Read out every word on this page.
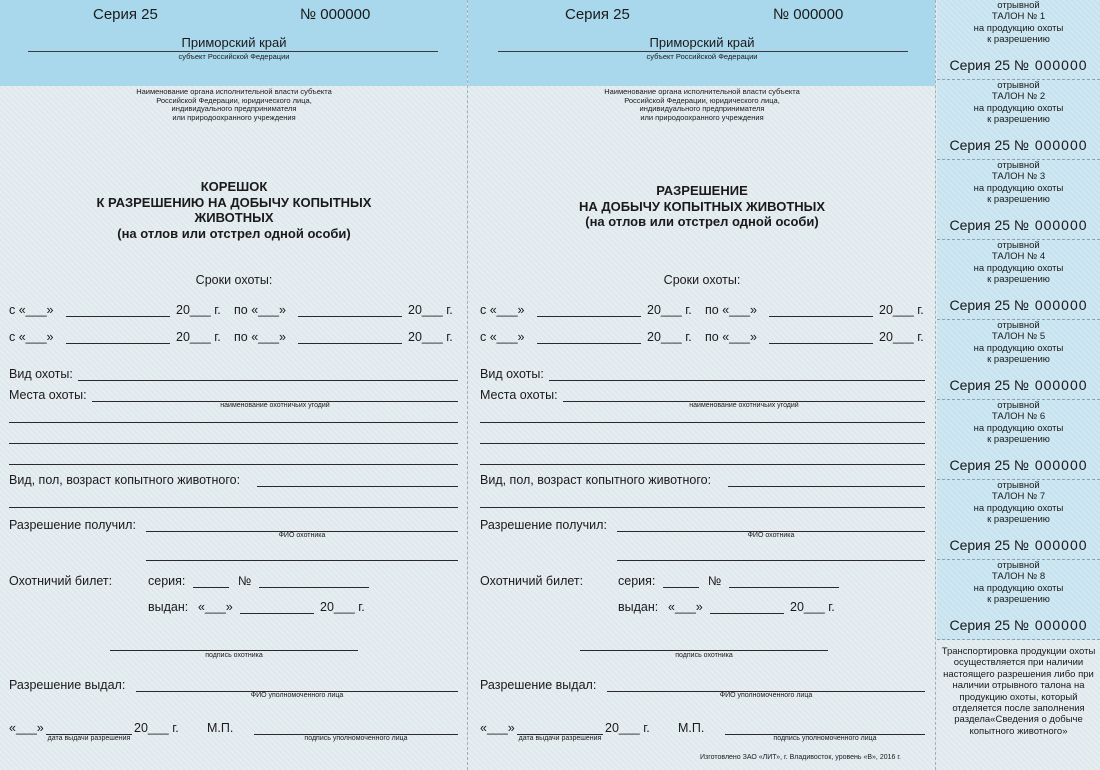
Серия 25	№ 000000
Приморский край
субъект Российской Федерации
Наименование органа исполнительной власти субъекта
Российской Федерации, юридического лица,
индивидуального предпринимателя
или природоохранного учреждения
КОРЕШОК
К РАЗРЕШЕНИЮ НА ДОБЫЧУ КОПЫТНЫХ
ЖИВОТНЫХ
(на отлов или отстрел одной особи)
Сроки охоты:
с «___»	20___ г. по «___»	20___ г.
с «___»	20___ г. по «___»	20___ г.
Вид охоты:
Места охоты:
наименование охотничьих угодий
Вид, пол, возраст копытного животного:
Разрешение получил:
ФИО охотника
Охотничий билет:	серия:	№
выдан: «___»	20___ г.
подпись охотника
Разрешение выдал:
ФИО уполномоченного лица
«___»
дата выдачи разрешения
20___ г. М.П.
подпись уполномоченного лица
Серия 25	№ 000000
Приморский край
субъект Российской Федерации
Наименование органа исполнительной власти субъекта
Российской Федерации, юридического лица,
индивидуального предпринимателя
или природоохранного учреждения
РАЗРЕШЕНИЕ
НА ДОБЫЧУ КОПЫТНЫХ ЖИВОТНЫХ
(на отлов или отстрел одной особи)
Сроки охоты:
с «___»	20___ г. по «___»	20___ г.
с «___»	20___ г. по «___»	20___ г.
Вид охоты:
Места охоты:
наименование охотничьих угодий
Вид, пол, возраст копытного животного:
Разрешение получил:
ФИО охотника
Охотничий билет:	серия:	№
выдан: «___»	20___ г.
подпись охотника
Разрешение выдал:
ФИО уполномоченного лица
«___»
дата выдачи разрешения
20___ г. М.П.
подпись уполномоченного лица
отрывной
ТАЛОН № 1
на продукцию охоты
к разрешению
Серия 25 № 000000
отрывной
ТАЛОН № 2
на продукцию охоты
к разрешению
Серия 25 № 000000
отрывной
ТАЛОН № 3
на продукцию охоты
к разрешению
Серия 25 № 000000
отрывной
ТАЛОН № 4
на продукцию охоты
к разрешению
Серия 25 № 000000
отрывной
ТАЛОН № 5
на продукцию охоты
к разрешению
Серия 25 № 000000
отрывной
ТАЛОН № 6
на продукцию охоты
к разрешению
Серия 25 № 000000
отрывной
ТАЛОН № 7
на продукцию охоты
к разрешению
Серия 25 № 000000
отрывной
ТАЛОН № 8
на продукцию охоты
к разрешению
Серия 25 № 000000
Транспортировка продукции охоты осуществляется при наличии настоящего разрешения либо при наличии отрывного талона на продукцию охоты, который отделяется после заполнения раздела«Сведения о добыче копытного животного»
Изготовлено ЗАО «ЛИТ», г. Владивосток, уровень «В», 2016 г.
